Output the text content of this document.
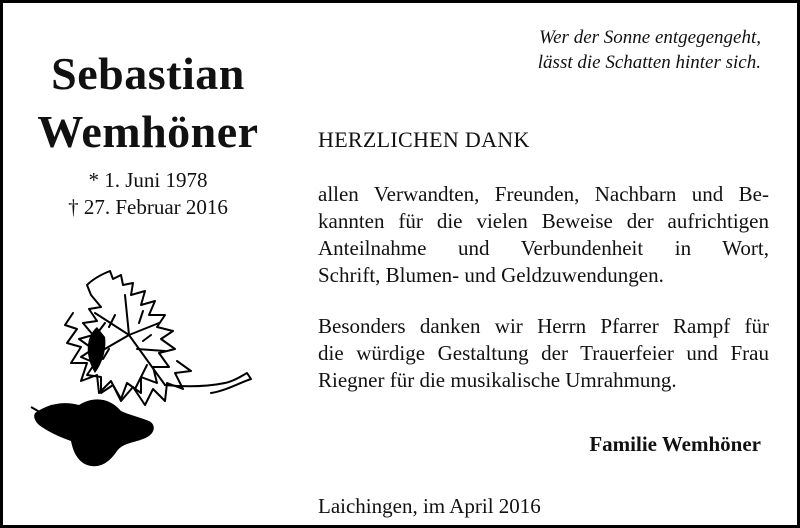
Wer der Sonne entgegengeht,
lässt die Schatten hinter sich.
Sebastian
Wemhöner
* 1. Juni 1978
† 27. Februar 2016
HERZLICHEN DANK
allen Verwandten, Freunden, Nachbarn und Be-
kannten für die vielen Beweise der aufrichtigen
Anteilnahme und Verbundenheit in Wort,
Schrift, Blumen- und Geldzuwendungen.
Besonders danken wir Herrn Pfarrer Rampf für
die würdige Gestaltung der Trauerfeier und Frau
Riegner für die musikalische Umrahmung.
Familie Wemhöner
Laichingen, im April 2016
